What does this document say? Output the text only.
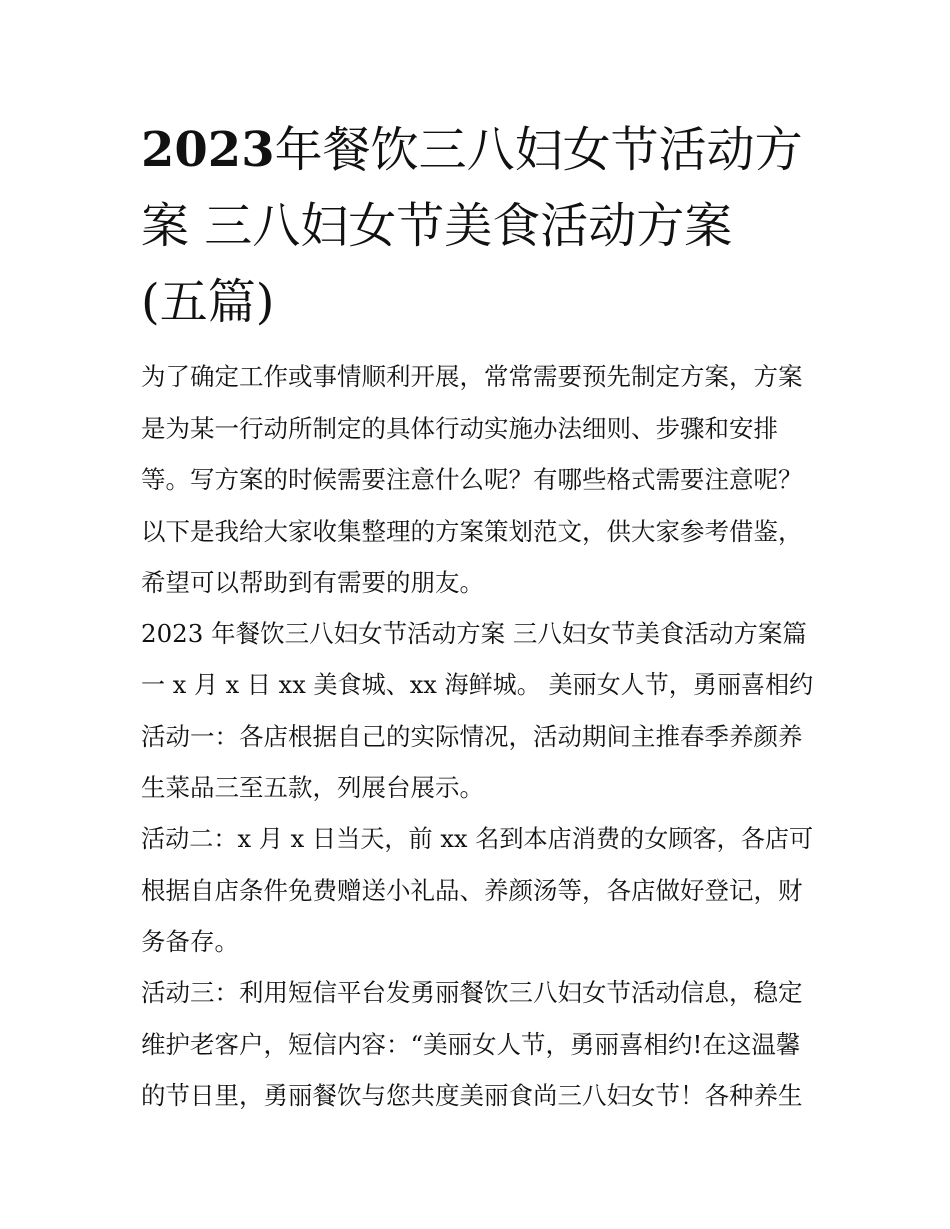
2023年餐饮三八妇女节活动方
案 三八妇女节美食活动方案
(五篇)
为了确定工作或事情顺利开展，常常需要预先制定方案，方案
是为某一行动所制定的具体行动实施办法细则、步骤和安排
等。写方案的时候需要注意什么呢？有哪些格式需要注意呢？
以下是我给大家收集整理的方案策划范文，供大家参考借鉴，
希望可以帮助到有需要的朋友。
2023 年餐饮三八妇女节活动方案 三八妇女节美食活动方案篇
一 x 月 x 日 xx 美食城、xx 海鲜城。 美丽女人节，勇丽喜相约
活动一：各店根据自己的实际情况，活动期间主推春季养颜养
生菜品三至五款，列展台展示。
活动二：x 月 x 日当天，前 xx 名到本店消费的女顾客，各店可
根据自店条件免费赠送小礼品、养颜汤等，各店做好登记，财
务备存。
活动三：利用短信平台发勇丽餐饮三八妇女节活动信息，稳定
维护老客户，短信内容：“美丽女人节，勇丽喜相约!在这温馨
的节日里，勇丽餐饮与您共度美丽食尚三八妇女节！各种养生
